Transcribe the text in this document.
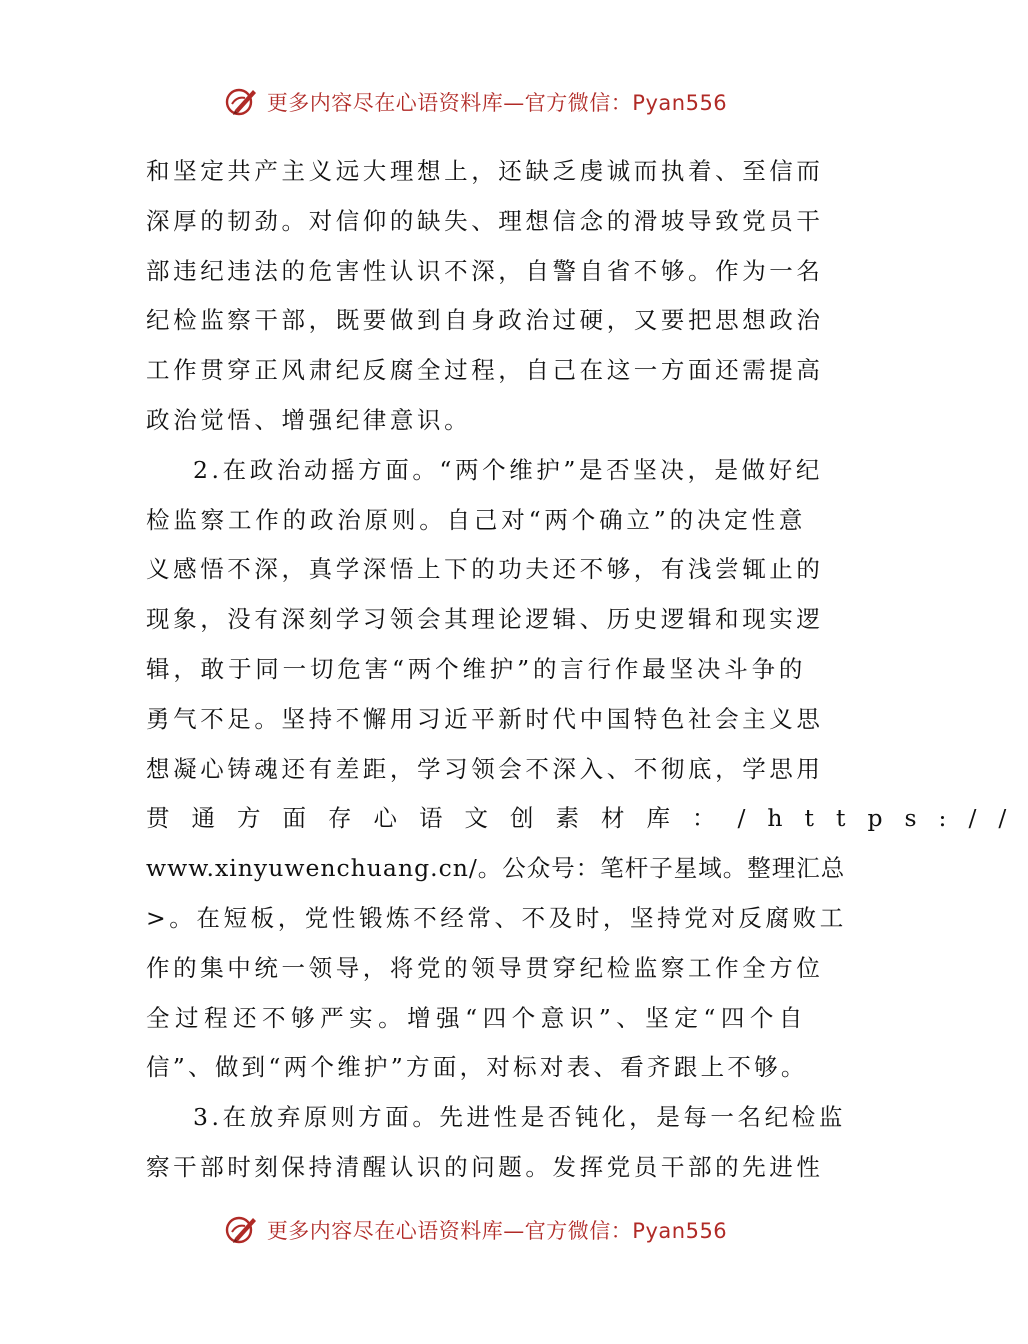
更多内容尽在心语资料库—官方微信：Pyan556
和坚定共产主义远大理想上，还缺乏虔诚而执着、至信而
深厚的韧劲。对信仰的缺失、理想信念的滑坡导致党员干
部违纪违法的危害性认识不深，自警自省不够。作为一名
纪检监察干部，既要做到自身政治过硬，又要把思想政治
工作贯穿正风肃纪反腐全过程，自己在这一方面还需提高
政治觉悟、增强纪律意识。
2.在政治动摇方面。“两个维护”是否坚决，是做好纪
检监察工作的政治原则。自己对“两个确立”的决定性意
义感悟不深，真学深悟上下的功夫还不够，有浅尝辄止的
现象，没有深刻学习领会其理论逻辑、历史逻辑和现实逻
辑，敢于同一切危害“两个维护”的言行作最坚决斗争的
勇气不足。坚持不懈用习近平新时代中国特色社会主义思
想凝心铸魂还有差距，学习领会不深入、不彻底，学思用
贯通方面存心语文创素材库：/https://
www.xinyuwenchuang.cn/。公众号：笔杆子星域。整理汇总
>。在短板，党性锻炼不经常、不及时，坚持党对反腐败工
作的集中统一领导，将党的领导贯穿纪检监察工作全方位
全过程还不够严实。增强“四个意识”、坚定“四个自
信”、做到“两个维护”方面，对标对表、看齐跟上不够。
3.在放弃原则方面。先进性是否钝化，是每一名纪检监
察干部时刻保持清醒认识的问题。发挥党员干部的先进性
更多内容尽在心语资料库—官方微信：Pyan556
